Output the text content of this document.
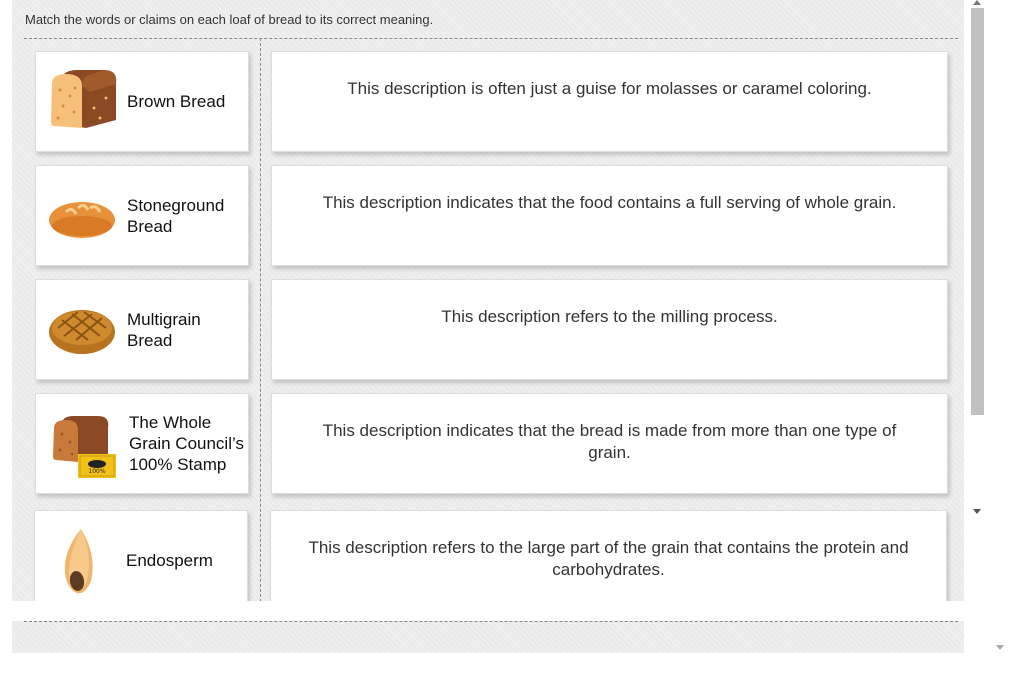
Match the words or claims on each loaf of bread to its correct meaning.
Brown Bread
This description is often just a guise for molasses or caramel coloring.
Stoneground Bread
This description indicates that the food contains a full serving of whole grain.
Multigrain Bread
This description refers to the milling process.
100%
The Whole Grain Council’s 100% Stamp
This description indicates that the bread is made from more than one type of grain.
Endosperm
This description refers to the large part of the grain that contains the protein and carbohydrates.
